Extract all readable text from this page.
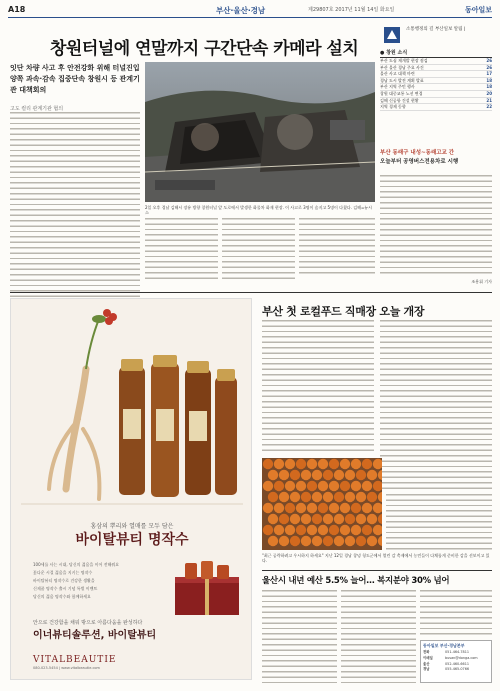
A18	부산·울산·경남	제29807호 2017년 11월 14일 화요일	동아일보
창원터널에 연말까지 구간단속 카메라 설치
잇단 차량 사고 후 안전강화 위해 터널진입 양쪽 과속·감속 집중단속 창원시 등 관계기관 대책회의
고도 컬리 관계기관 협의

2일 오후 경남 김해시 장유 방향 창원터널 앞 도로에서 발생한 화물차 화재 현장. 이 사고로 3명이 숨지고 5명이 다쳤다. 김해=뉴시스
소통행정의 길 부산일보 알림 |
● 창원 소식
부산 도심 재개발 현장 점검	26
부산 울산 경남 주요 사건	26
울산 사고 대책 마련	17
경남 도시 발전 계획 발표	18
부산 지역 주민 행사	18
창원 대중교통 노선 변경	20
김해 신공항 건설 현황	21
지역 경제 동향	22
부산 동래구 내성~동래고교 간
오늘부터 공영버스전용차로 시행

조용휘 기자
홍삼의 뿌리와 열매를 모두 담은
바이탈뷰티 명작수
100세를 사는 시대, 당신의 젊음을 이어 전해줘요
꽃다운 시절 젊음을 지키는 명작수
바이탈뷰티 명작수로 건강한 생활을
신제품 명작수 출시 기념 특별 이벤트
당신의 젊음 명작수와 함께하세요
안으로 건강함을 채워 밖으로 아름다움을 완성하다
이너뷰티솔루션, 바이탈뷰티
VITALBEAUTIE
080-023-5454 | www.vitalbeautie.com
부산 첫 로컬푸드 직매장 오늘 개장

"최근 공략하려고 우시하지 하세요" 지난 12일 경남 창녕 청도군에서 열린 감 축제에서 농민들이 다채롭게 준비한 감을 선보이고 있다.
울산시 내년 예산 5.5% 늘어… 복지분야 30% 넘어

동아일보 부산·경남본부
전화	051-464-7811
이메일	busan@donga.com
울산	052-460-6611
경남	055-465-0766
